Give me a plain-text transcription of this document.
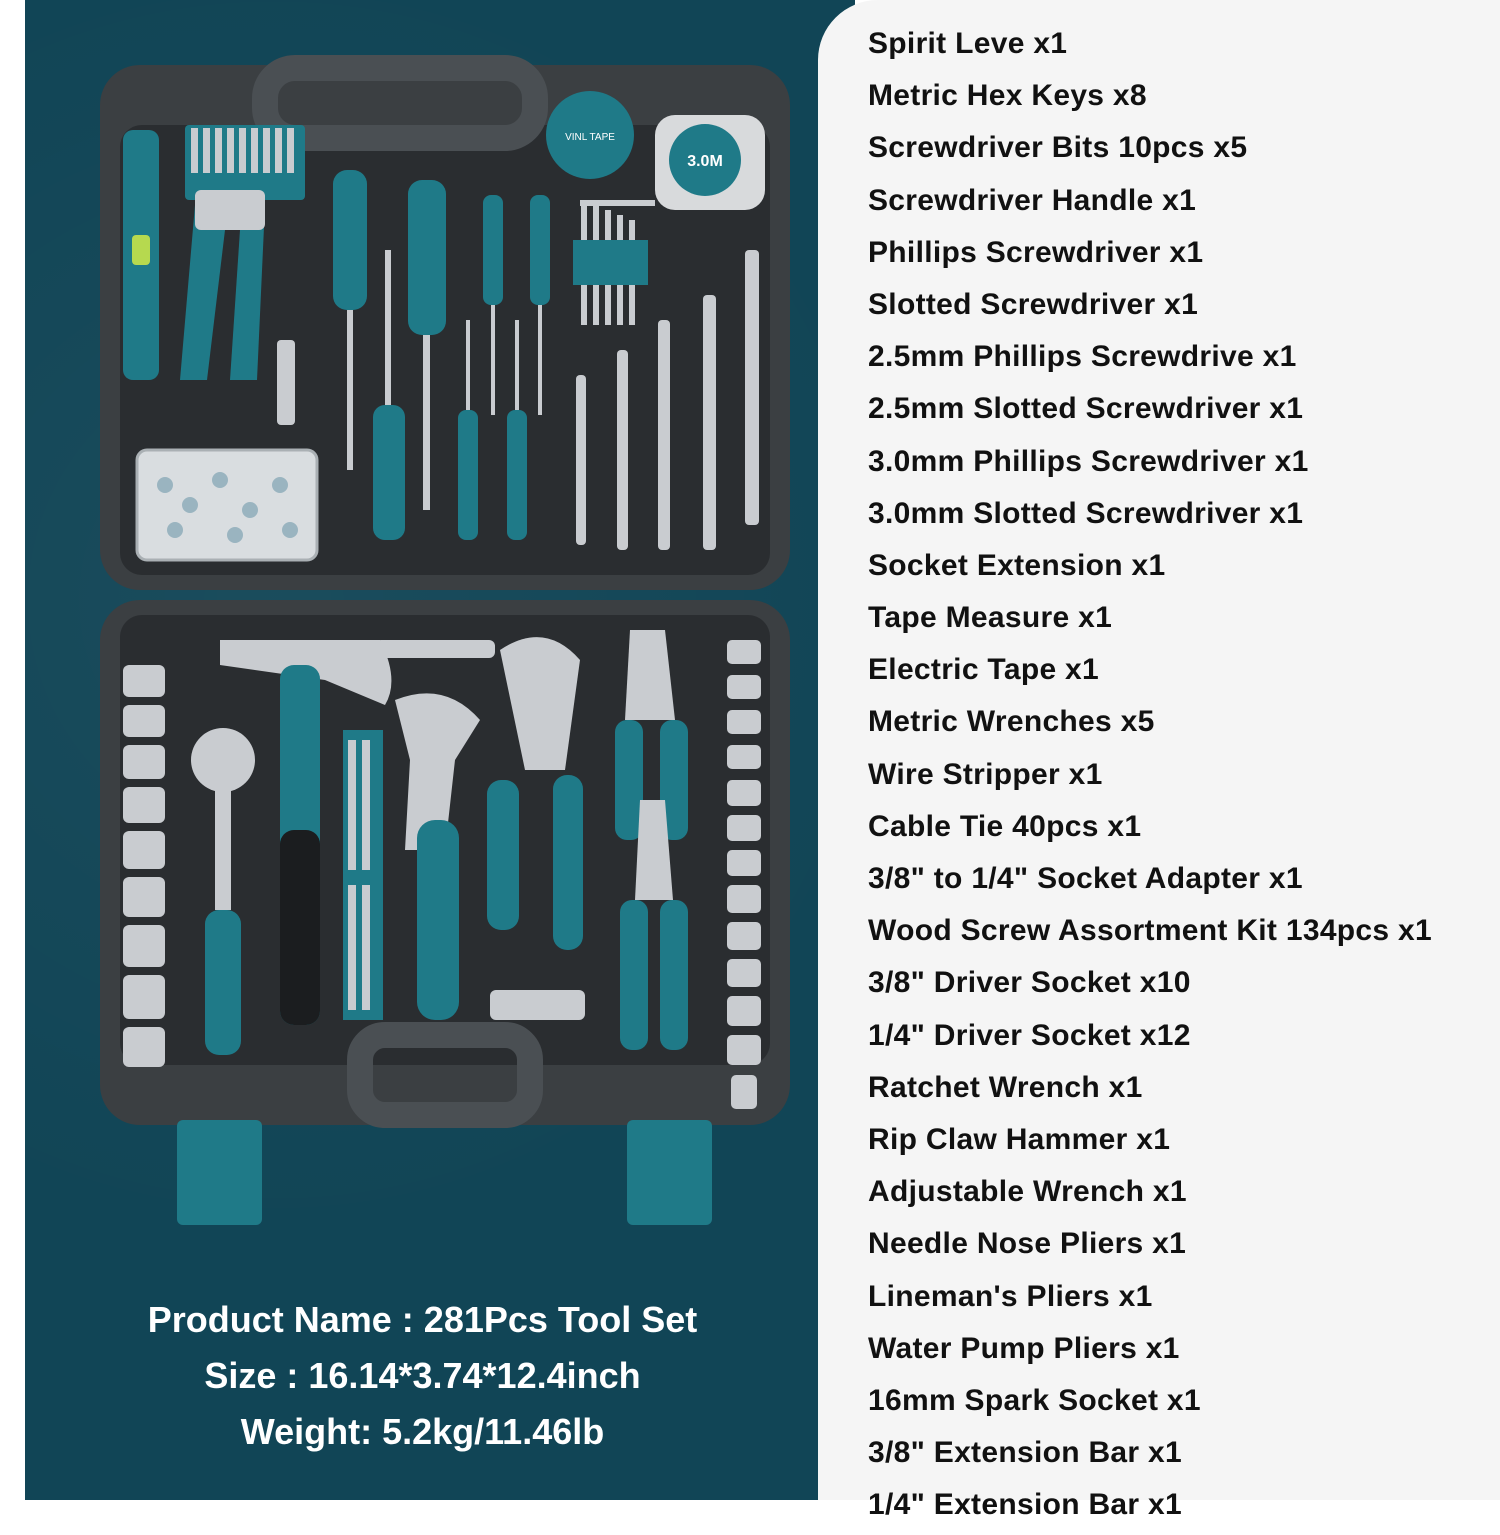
VINL TAPE
3.0M
Product Name : 281Pcs Tool Set
Size : 16.14*3.74*12.4inch
Weight: 5.2kg/11.46lb
Spirit Leve x1
Metric Hex Keys x8
Screwdriver Bits 10pcs x5
Screwdriver Handle x1
Phillips Screwdriver x1
Slotted Screwdriver x1
2.5mm Phillips Screwdrive x1
2.5mm Slotted Screwdriver x1
3.0mm Phillips Screwdriver x1
3.0mm Slotted Screwdriver x1
Socket Extension x1
Tape Measure x1
Electric Tape x1
Metric Wrenches x5
Wire Stripper x1
Cable Tie 40pcs x1
3/8" to 1/4" Socket Adapter x1
Wood Screw Assortment Kit 134pcs x1
3/8" Driver Socket x10
1/4" Driver Socket x12
Ratchet Wrench x1
Rip Claw Hammer x1
Adjustable Wrench x1
Needle Nose Pliers x1
Lineman's Pliers x1
Water Pump Pliers x1
16mm Spark Socket x1
3/8" Extension Bar x1
1/4" Extension Bar x1
